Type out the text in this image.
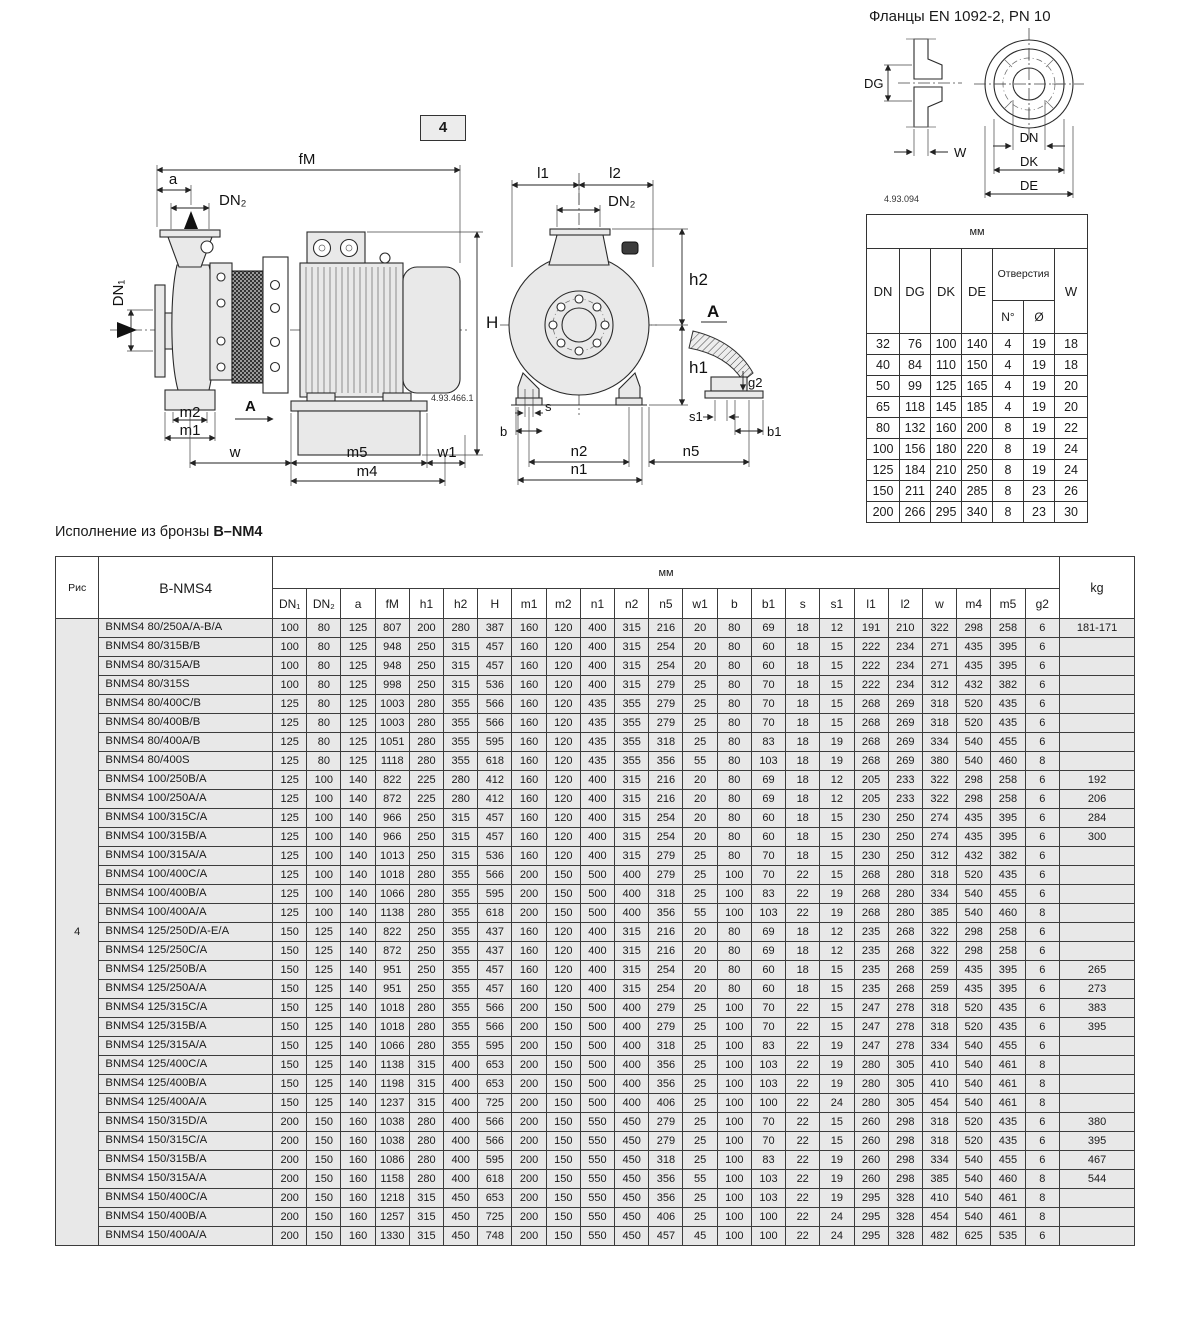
Фланцы EN 1092-2, PN 10
4
DG
W
DN
DK
DE
4.93.094
fM
a
DN₂
DN₁
H
m2
m1
A
w	m5	w1
m4
4.93.466.1
l1	l2
DN₂
h2
h1
s
b
n2
n1
A
g2
s1
b1
n5
мм						
DN	DG	DK	DE	Отверстия		W
				N°	Ø	
32	76	100	140	4	19	18
40	84	110	150	4	19	18
50	99	125	165	4	19	20
65	118	145	185	4	19	20
80	132	160	200	8	19	22
100	156	180	220	8	19	24
125	184	210	250	8	19	24
150	211	240	285	8	23	26
200	266	295	340	8	23	30
Исполнение из бронзы B–NM4
Рис	B-NMS4	мм																							kg
		DN₁	DN₂	a	fM	h1	h2	H	m1	m2	n1	n2	n5	w1	b	b1	s	s1	l1	l2	w	m4	m5	g2	
4	BNMS4 80/250A/A-B/A	100	80	125	807	200	280	387	160	120	400	315	216	20	80	69	18	12	191	210	322	298	258	6	181-171
	BNMS4 80/315B/B	100	80	125	948	250	315	457	160	120	400	315	254	20	80	60	18	15	222	234	271	435	395	6	
	BNMS4 80/315A/B	100	80	125	948	250	315	457	160	120	400	315	254	20	80	60	18	15	222	234	271	435	395	6	
	BNMS4 80/315S	100	80	125	998	250	315	536	160	120	400	315	279	25	80	70	18	15	222	234	312	432	382	6	
	BNMS4 80/400C/B	125	80	125	1003	280	355	566	160	120	435	355	279	25	80	70	18	15	268	269	318	520	435	6	
	BNMS4 80/400B/B	125	80	125	1003	280	355	566	160	120	435	355	279	25	80	70	18	15	268	269	318	520	435	6	
	BNMS4 80/400A/B	125	80	125	1051	280	355	595	160	120	435	355	318	25	80	83	18	19	268	269	334	540	455	6	
	BNMS4 80/400S	125	80	125	1118	280	355	618	160	120	435	355	356	55	80	103	18	19	268	269	380	540	460	8	
	BNMS4 100/250B/A	125	100	140	822	225	280	412	160	120	400	315	216	20	80	69	18	12	205	233	322	298	258	6	192
	BNMS4 100/250A/A	125	100	140	872	225	280	412	160	120	400	315	216	20	80	69	18	12	205	233	322	298	258	6	206
	BNMS4 100/315C/A	125	100	140	966	250	315	457	160	120	400	315	254	20	80	60	18	15	230	250	274	435	395	6	284
	BNMS4 100/315B/A	125	100	140	966	250	315	457	160	120	400	315	254	20	80	60	18	15	230	250	274	435	395	6	300
	BNMS4 100/315A/A	125	100	140	1013	250	315	536	160	120	400	315	279	25	80	70	18	15	230	250	312	432	382	6	
	BNMS4 100/400C/A	125	100	140	1018	280	355	566	200	150	500	400	279	25	100	70	22	15	268	280	318	520	435	6	
	BNMS4 100/400B/A	125	100	140	1066	280	355	595	200	150	500	400	318	25	100	83	22	19	268	280	334	540	455	6	
	BNMS4 100/400A/A	125	100	140	1138	280	355	618	200	150	500	400	356	55	100	103	22	19	268	280	385	540	460	8	
	BNMS4 125/250D/A-E/A	150	125	140	822	250	355	437	160	120	400	315	216	20	80	69	18	12	235	268	322	298	258	6	
	BNMS4 125/250C/A	150	125	140	872	250	355	437	160	120	400	315	216	20	80	69	18	12	235	268	322	298	258	6	
	BNMS4 125/250B/A	150	125	140	951	250	355	457	160	120	400	315	254	20	80	60	18	15	235	268	259	435	395	6	265
	BNMS4 125/250A/A	150	125	140	951	250	355	457	160	120	400	315	254	20	80	60	18	15	235	268	259	435	395	6	273
	BNMS4 125/315C/A	150	125	140	1018	280	355	566	200	150	500	400	279	25	100	70	22	15	247	278	318	520	435	6	383
	BNMS4 125/315B/A	150	125	140	1018	280	355	566	200	150	500	400	279	25	100	70	22	15	247	278	318	520	435	6	395
	BNMS4 125/315A/A	150	125	140	1066	280	355	595	200	150	500	400	318	25	100	83	22	19	247	278	334	540	455	6	
	BNMS4 125/400C/A	150	125	140	1138	315	400	653	200	150	500	400	356	25	100	103	22	19	280	305	410	540	461	8	
	BNMS4 125/400B/A	150	125	140	1198	315	400	653	200	150	500	400	356	25	100	103	22	19	280	305	410	540	461	8	
	BNMS4 125/400A/A	150	125	140	1237	315	400	725	200	150	500	400	406	25	100	100	22	24	280	305	454	540	461	8	
	BNMS4 150/315D/A	200	150	160	1038	280	400	566	200	150	550	450	279	25	100	70	22	15	260	298	318	520	435	6	380
	BNMS4 150/315C/A	200	150	160	1038	280	400	566	200	150	550	450	279	25	100	70	22	15	260	298	318	520	435	6	395
	BNMS4 150/315B/A	200	150	160	1086	280	400	595	200	150	550	450	318	25	100	83	22	19	260	298	334	540	455	6	467
	BNMS4 150/315A/A	200	150	160	1158	280	400	618	200	150	550	450	356	55	100	103	22	19	260	298	385	540	460	8	544
	BNMS4 150/400C/A	200	150	160	1218	315	450	653	200	150	550	450	356	25	100	103	22	19	295	328	410	540	461	8	
	BNMS4 150/400B/A	200	150	160	1257	315	450	725	200	150	550	450	406	25	100	100	22	24	295	328	454	540	461	8	
	BNMS4 150/400A/A	200	150	160	1330	315	450	748	200	150	550	450	457	45	100	100	22	24	295	328	482	625	535	6	
